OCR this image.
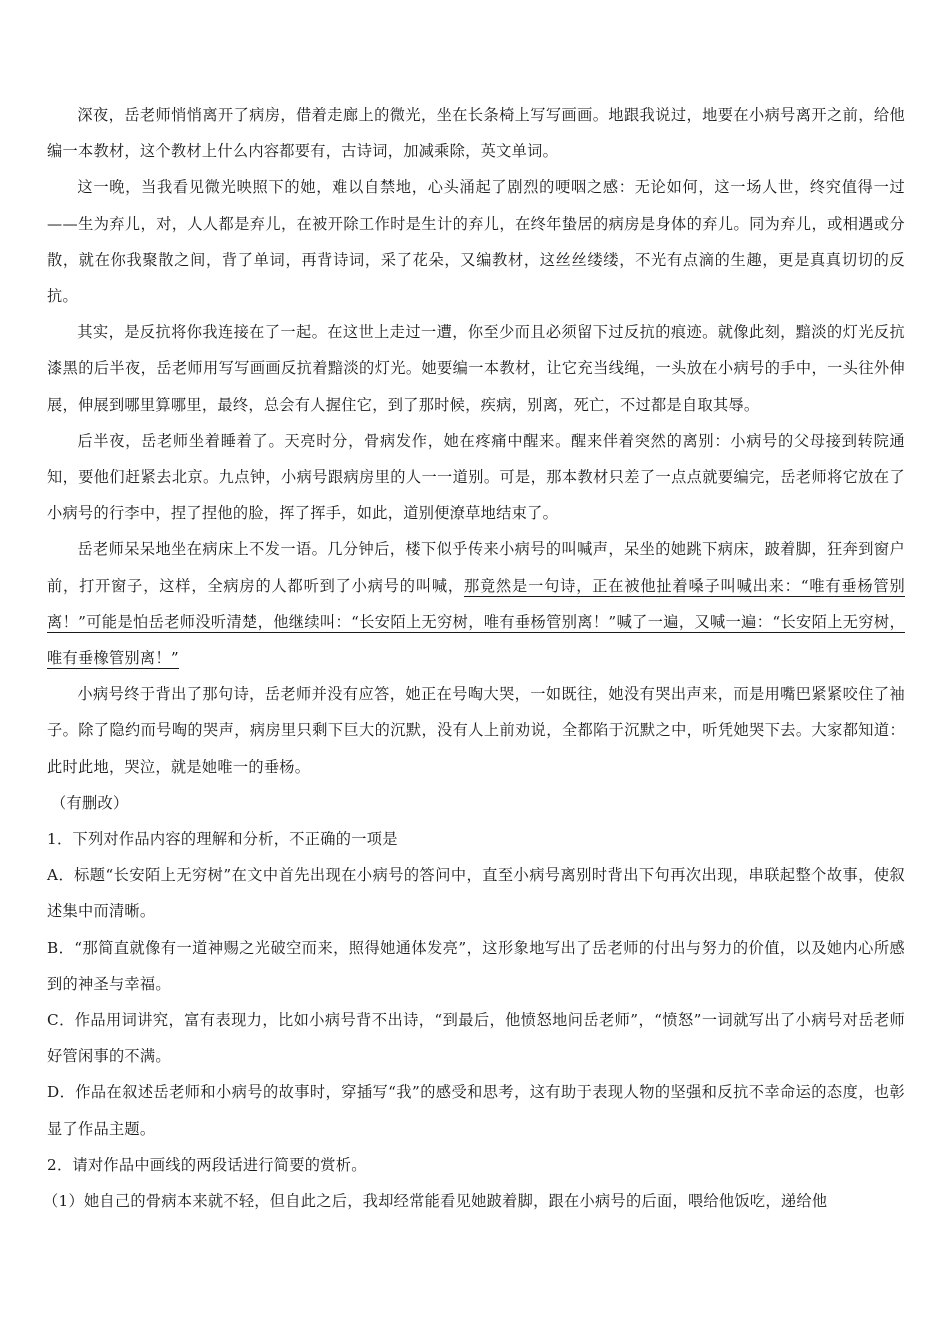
深夜，岳老师悄悄离开了病房，借着走廊上的微光，坐在长条椅上写写画画。地跟我说过，地要在小病号离开之前，给他编一本教材，这个教材上什么内容都要有，古诗词，加减乘除，英文单词。

这一晚，当我看见微光映照下的她，难以自禁地，心头涌起了剧烈的哽咽之感：无论如何，这一场人世，终究值得一过——生为弃儿，对，人人都是弃儿，在被开除工作时是生计的弃儿，在终年蛰居的病房是身体的弃儿。同为弃儿，或相遇或分散，就在你我聚散之间，背了单词，再背诗词，采了花朵，又编教材，这丝丝缕缕，不光有点滴的生趣，更是真真切切的反抗。

其实，是反抗将你我连接在了一起。在这世上走过一遭，你至少而且必须留下过反抗的痕迹。就像此刻，黯淡的灯光反抗漆黑的后半夜，岳老师用写写画画反抗着黯淡的灯光。她要编一本教材，让它充当线绳，一头放在小病号的手中，一头往外伸展，伸展到哪里算哪里，最终，总会有人握住它，到了那时候，疾病，别离，死亡，不过都是自取其辱。

后半夜，岳老师坐着睡着了。天亮时分，骨病发作，她在疼痛中醒来。醒来伴着突然的离别：小病号的父母接到转院通知，要他们赶紧去北京。九点钟，小病号跟病房里的人一一道别。可是，那本教材只差了一点点就要编完，岳老师将它放在了小病号的行李中，捏了捏他的脸，挥了挥手，如此，道别便潦草地结束了。

岳老师呆呆地坐在病床上不发一语。几分钟后，楼下似乎传来小病号的叫喊声，呆坐的她跳下病床，跛着脚，狂奔到窗户前，打开窗子，这样，全病房的人都听到了小病号的叫喊，那竟然是一句诗，正在被他扯着嗓子叫喊出来：“唯有垂杨管别离！”可能是怕岳老师没听清楚，他继续叫：“长安陌上无穷树，唯有垂杨管别离！”喊了一遍，又喊一遍：“长安陌上无穷树，唯有垂橡管别离！”

小病号终于背出了那句诗，岳老师并没有应答，她正在号啕大哭，一如既往，她没有哭出声来，而是用嘴巴紧紧咬住了袖子。除了隐约而号啕的哭声，病房里只剩下巨大的沉默，没有人上前劝说，全都陷于沉默之中，听凭她哭下去。大家都知道：此时此地，哭泣，就是她唯一的垂杨。

（有删改）

1．下列对作品内容的理解和分析，不正确的一项是

A．标题“长安陌上无穷树”在文中首先出现在小病号的答问中，直至小病号离别时背出下句再次出现，串联起整个故事，使叙述集中而清晰。

B．“那简直就像有一道神赐之光破空而来，照得她通体发亮”，这形象地写出了岳老师的付出与努力的价值，以及她内心所感到的神圣与幸福。

C．作品用词讲究，富有表现力，比如小病号背不出诗，“到最后，他愤怒地问岳老师”，“愤怒”一词就写出了小病号对岳老师好管闲事的不满。

D．作品在叙述岳老师和小病号的故事时，穿插写“我”的感受和思考，这有助于表现人物的坚强和反抗不幸命运的态度，也彰显了作品主题。

2．请对作品中画线的两段话进行简要的赏析。

（1）她自己的骨病本来就不轻，但自此之后，我却经常能看见她跛着脚，跟在小病号的后面，喂给他饭吃，递给他
